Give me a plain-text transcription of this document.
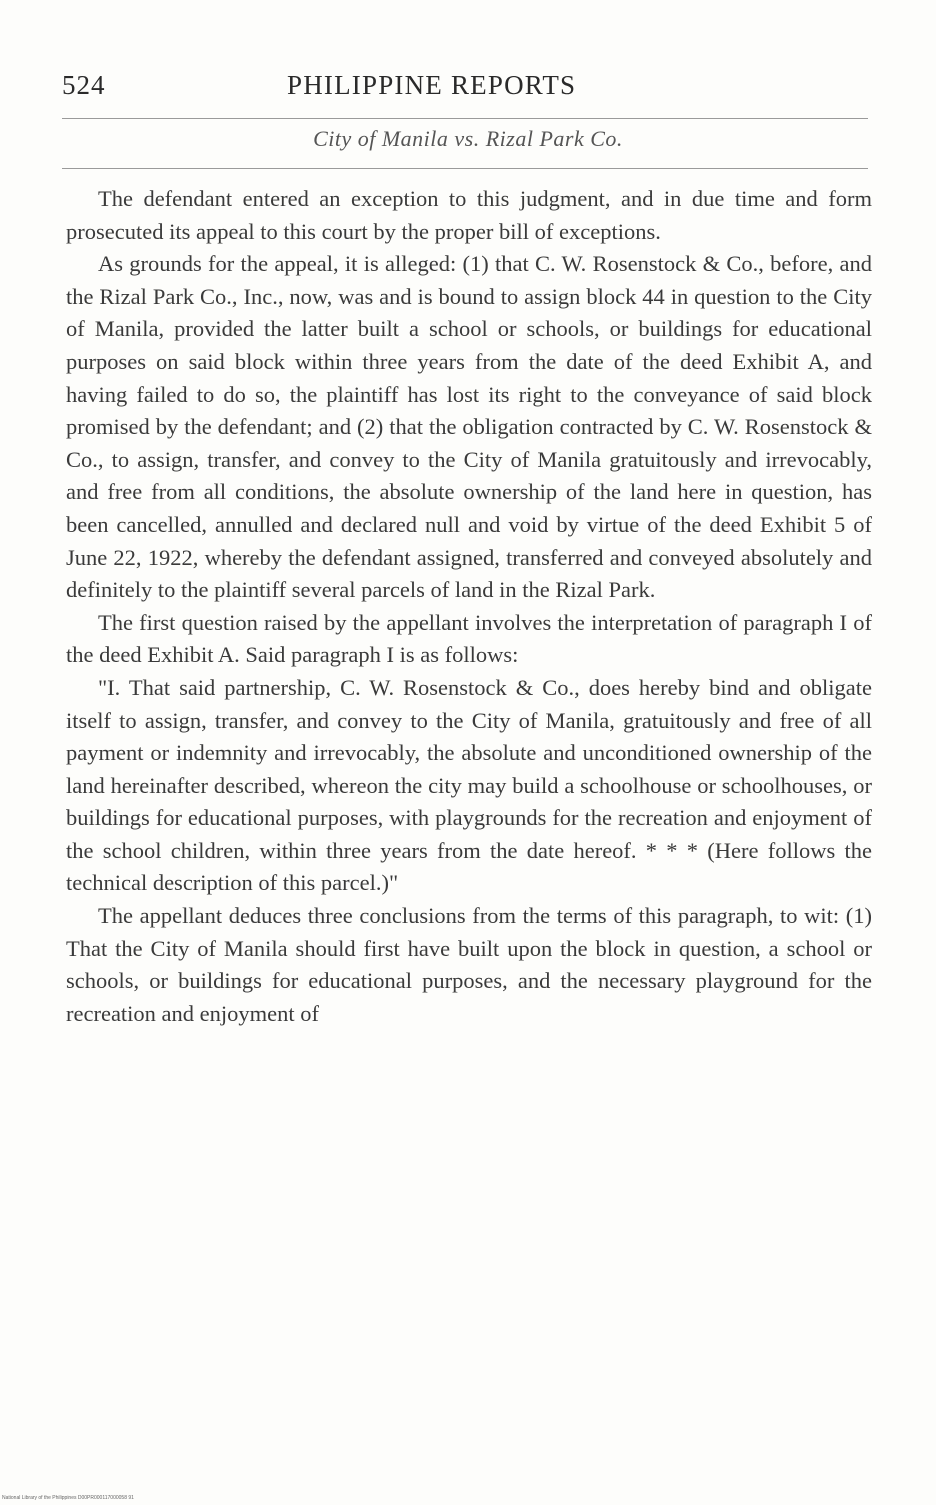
524	PHILIPPINE REPORTS
City of Manila vs. Rizal Park Co.

The defendant entered an exception to this judgment, and in due time and form prosecuted its appeal to this court by the proper bill of exceptions.

As grounds for the appeal, it is alleged: (1) that C. W. Rosenstock & Co., before, and the Rizal Park Co., Inc., now, was and is bound to assign block 44 in question to the City of Manila, provided the latter built a school or schools, or buildings for educational purposes on said block within three years from the date of the deed Exhibit A, and having failed to do so, the plaintiff has lost its right to the conveyance of said block promised by the defendant; and (2) that the obligation contracted by C. W. Rosenstock & Co., to assign, transfer, and convey to the City of Manila gratuitously and irrevocably, and free from all conditions, the absolute ownership of the land here in question, has been cancelled, annulled and declared null and void by virtue of the deed Exhibit 5 of June 22, 1922, whereby the defendant assigned, transferred and conveyed absolutely and definitely to the plaintiff several parcels of land in the Rizal Park.

The first question raised by the appellant involves the interpretation of paragraph I of the deed Exhibit A. Said paragraph I is as follows:

"I. That said partnership, C. W. Rosenstock & Co., does hereby bind and obligate itself to assign, transfer, and convey to the City of Manila, gratuitously and free of all payment or indemnity and irrevocably, the absolute and unconditioned ownership of the land hereinafter described, whereon the city may build a schoolhouse or schoolhouses, or buildings for educational purposes, with playgrounds for the recreation and enjoyment of the school children, within three years from the date hereof. * * * (Here follows the technical description of this parcel.)"

The appellant deduces three conclusions from the terms of this paragraph, to wit: (1) That the City of Manila should first have built upon the block in question, a school or schools, or buildings for educational purposes, and the necessary playground for the recreation and enjoyment of

National Library of the Philippines D00PR000117000058 91
